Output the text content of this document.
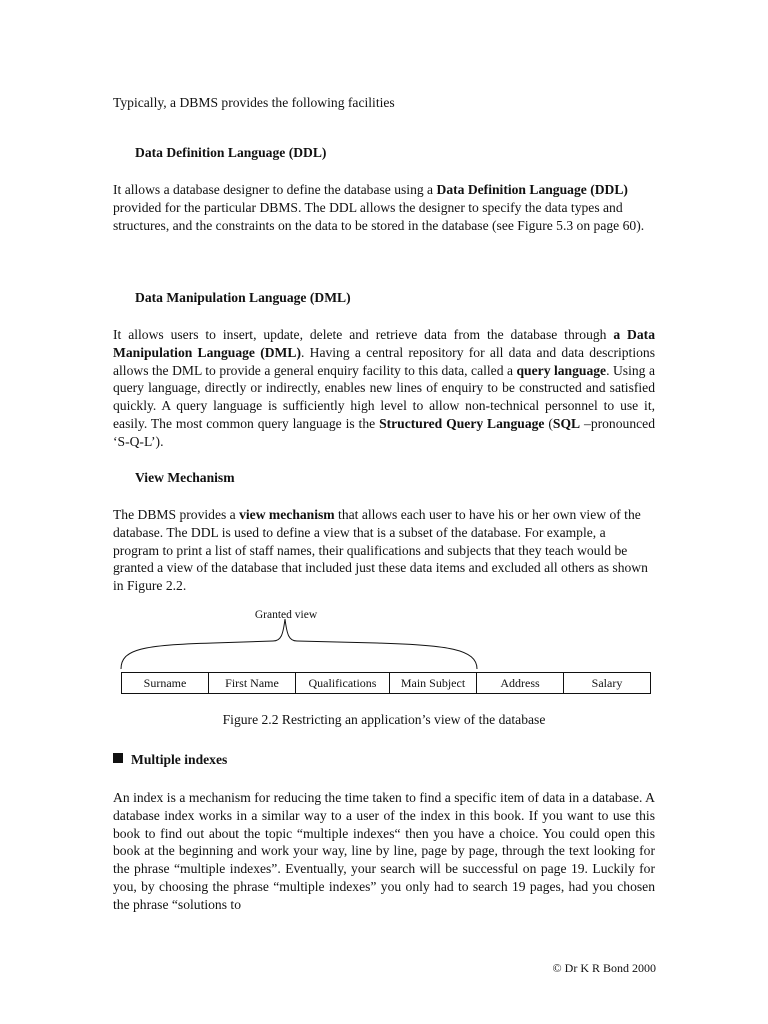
Typically, a DBMS provides the following facilities
Data Definition Language (DDL)
It allows a database designer to define the database using a Data Definition Language (DDL) provided for the particular DBMS. The DDL allows the designer to specify the data types and structures, and the constraints on the data to be stored in the database (see Figure 5.3 on page 60).
Data Manipulation Language (DML)
It allows users to insert, update, delete and retrieve data from the database through a Data Manipulation Language (DML). Having a central repository for all data and data descriptions allows the DML to provide a general enquiry facility to this data, called a query language. Using a query language, directly or indirectly, enables new lines of enquiry to be constructed and satisfied quickly. A query language is sufficiently high level to allow non-technical personnel to use it, easily. The most common query language is the Structured Query Language (SQL –pronounced ‘S-Q-L’).
View Mechanism
The DBMS provides a view mechanism that allows each user to have his or her own view of the database. The DDL is used to define a view that is a subset of the database. For example, a program to print a list of staff names, their qualifications and subjects that they teach would be granted a view of the database that included just these data items and excluded all others as shown in Figure 2.2.
Granted view
Surname	First Name	Qualifications	Main Subject	Address	Salary
Figure 2.2 Restricting an application’s view of the database
Multiple indexes
An index is a mechanism for reducing the time taken to find a specific item of data in a database. A database index works in a similar way to a user of the index in this book. If you want to use this book to find out about the topic “multiple indexes“ then you have a choice. You could open this book at the beginning and work your way, line by line, page by page, through the text looking for the phrase “multiple indexes”. Eventually, your search will be successful on page 19. Luckily for you, by choosing the phrase “multiple indexes” you only had to search 19 pages, had you chosen the phrase “solutions to
© Dr K R Bond 2000
